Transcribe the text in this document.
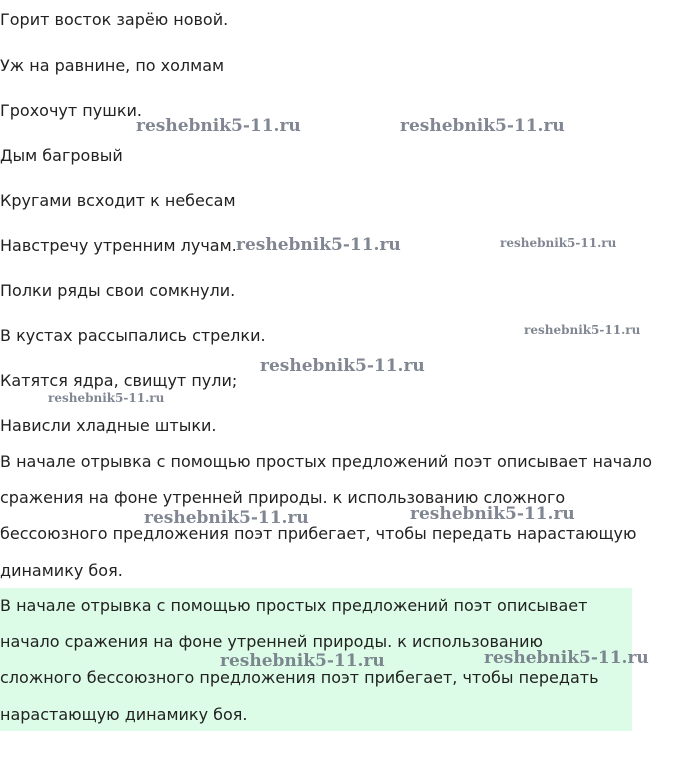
Горит восток зарёю новой.
Уж на равнине, по холмам
Грохочут пушки.
Дым багровый
Кругами всходит к небесам
Навстречу утренним лучам.
Полки ряды свои сомкнули.
В кустах рассыпались стрелки.
Катятся ядра, свищут пули;
Нависли хладные штыки.
В начале отрывка с помощью простых предложений поэт описывает начало
сражения на фоне утренней природы. к использованию сложного
бессоюзного предложения поэт прибегает, чтобы передать нарастающую
динамику боя.
В начале отрывка с помощью простых предложений поэт описывает
начало сражения на фоне утренней природы. к использованию
сложного бессоюзного предложения поэт прибегает, чтобы передать
нарастающую динамику боя.
reshebnik5-11.ru	reshebnik5-11.ru
reshebnik5-11.ru	reshebnik5-11.ru
reshebnik5-11.ru
reshebnik5-11.ru
reshebnik5-11.ru
reshebnik5-11.ru	reshebnik5-11.ru
reshebnik5-11.ru	reshebnik5-11.ru
